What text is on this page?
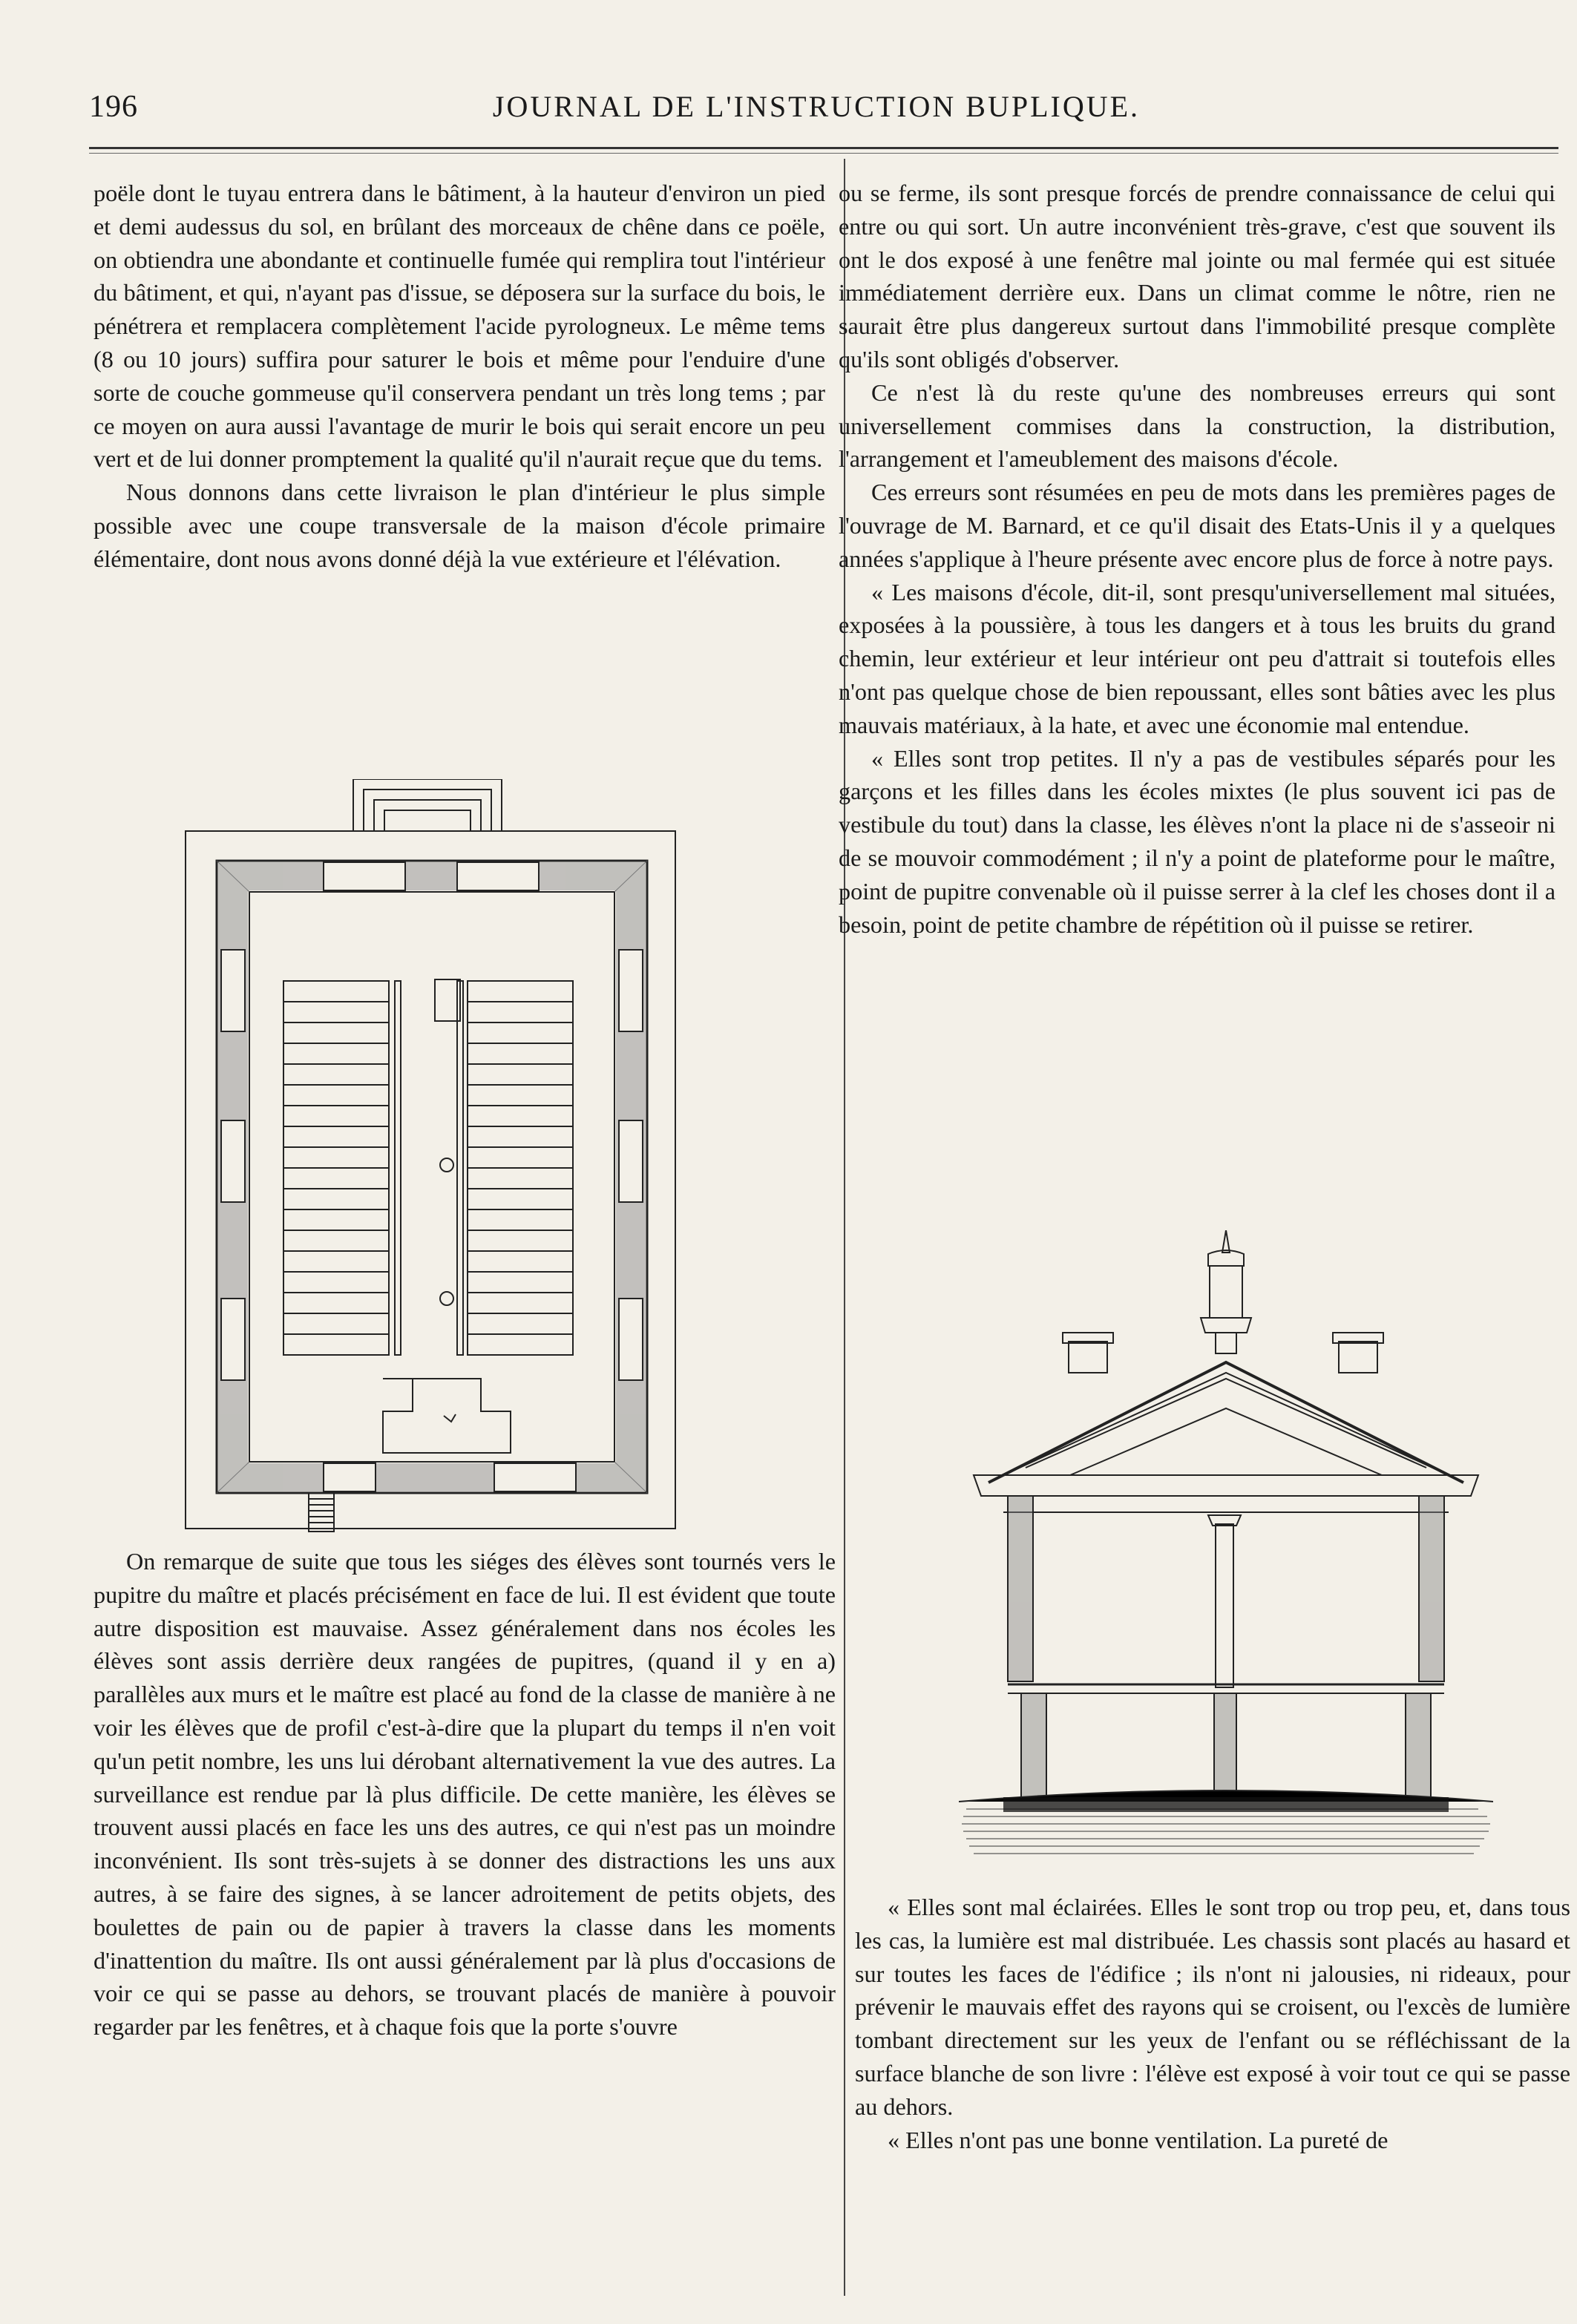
196	JOURNAL DE L'INSTRUCTION BUPLIQUE.

poële dont le tuyau entrera dans le bâtiment, à la hauteur d'environ un pied et demi audessus du sol, en brûlant des morceaux de chêne dans ce poële, on obtiendra une abondante et continuelle fumée qui remplira tout l'intérieur du bâtiment, et qui, n'ayant pas d'issue, se déposera sur la surface du bois, le pénétrera et remplacera complètement l'acide pyrologneux. Le même tems (8 ou 10 jours) suffira pour saturer le bois et même pour l'enduire d'une sorte de couche gommeuse qu'il conservera pendant un très long tems ; par ce moyen on aura aussi l'avantage de murir le bois qui serait encore un peu vert et de lui donner promptement la qualité qu'il n'aurait reçue que du tems.

Nous donnons dans cette livraison le plan d'intérieur le plus simple possible avec une coupe transversale de la maison d'école primaire élémentaire, dont nous avons donné déjà la vue extérieure et l'élévation.

On remarque de suite que tous les siéges des élèves sont tournés vers le pupitre du maître et placés précisément en face de lui. Il est évident que toute autre disposition est mauvaise. Assez généralement dans nos écoles les élèves sont assis derrière deux rangées de pupitres, (quand il y en a) parallèles aux murs et le maître est placé au fond de la classe de manière à ne voir les élèves que de profil c'est-à-dire que la plupart du temps il n'en voit qu'un petit nombre, les uns lui dérobant alternativement la vue des autres. La surveillance est rendue par là plus difficile. De cette manière, les élèves se trouvent aussi placés en face les uns des autres, ce qui n'est pas un moindre inconvénient. Ils sont très-sujets à se donner des distractions les uns aux autres, à se faire des signes, à se lancer adroitement de petits objets, des boulettes de pain ou de papier à travers la classe dans les moments d'inattention du maître. Ils ont aussi généralement par là plus d'occasions de voir ce qui se passe au dehors, se trouvant placés de manière à pouvoir regarder par les fenêtres, et à chaque fois que la porte s'ouvre

ou se ferme, ils sont presque forcés de prendre connaissance de celui qui entre ou qui sort. Un autre inconvénient très-grave, c'est que souvent ils ont le dos exposé à une fenêtre mal jointe ou mal fermée qui est située immédiatement derrière eux. Dans un climat comme le nôtre, rien ne saurait être plus dangereux surtout dans l'immobilité presque complète qu'ils sont obligés d'observer.

Ce n'est là du reste qu'une des nombreuses erreurs qui sont universellement commises dans la construction, la distribution, l'arrangement et l'ameublement des maisons d'école.

Ces erreurs sont résumées en peu de mots dans les premières pages de l'ouvrage de M. Barnard, et ce qu'il disait des Etats-Unis il y a quelques années s'applique à l'heure présente avec encore plus de force à notre pays.

« Les maisons d'école, dit-il, sont presqu'universellement mal situées, exposées à la poussière, à tous les dangers et à tous les bruits du grand chemin, leur extérieur et leur intérieur ont peu d'attrait si toutefois elles n'ont pas quelque chose de bien repoussant, elles sont bâties avec les plus mauvais matériaux, à la hate, et avec une économie mal entendue.

« Elles sont trop petites. Il n'y a pas de vestibules séparés pour les garçons et les filles dans les écoles mixtes (le plus souvent ici pas de vestibule du tout) dans la classe, les élèves n'ont la place ni de s'asseoir ni de se mouvoir commodément ; il n'y a point de plateforme pour le maître, point de pupitre convenable où il puisse serrer à la clef les choses dont il a besoin, point de petite chambre de répétition où il puisse se retirer.

« Elles sont mal éclairées. Elles le sont trop ou trop peu, et, dans tous les cas, la lumière est mal distribuée. Les chassis sont placés au hasard et sur toutes les faces de l'édifice ; ils n'ont ni jalousies, ni rideaux, pour prévenir le mauvais effet des rayons qui se croisent, ou l'excès de lumière tombant directement sur les yeux de l'enfant ou se réfléchissant de la surface blanche de son livre : l'élève est exposé à voir tout ce qui se passe au dehors.

« Elles n'ont pas une bonne ventilation. La pureté de
